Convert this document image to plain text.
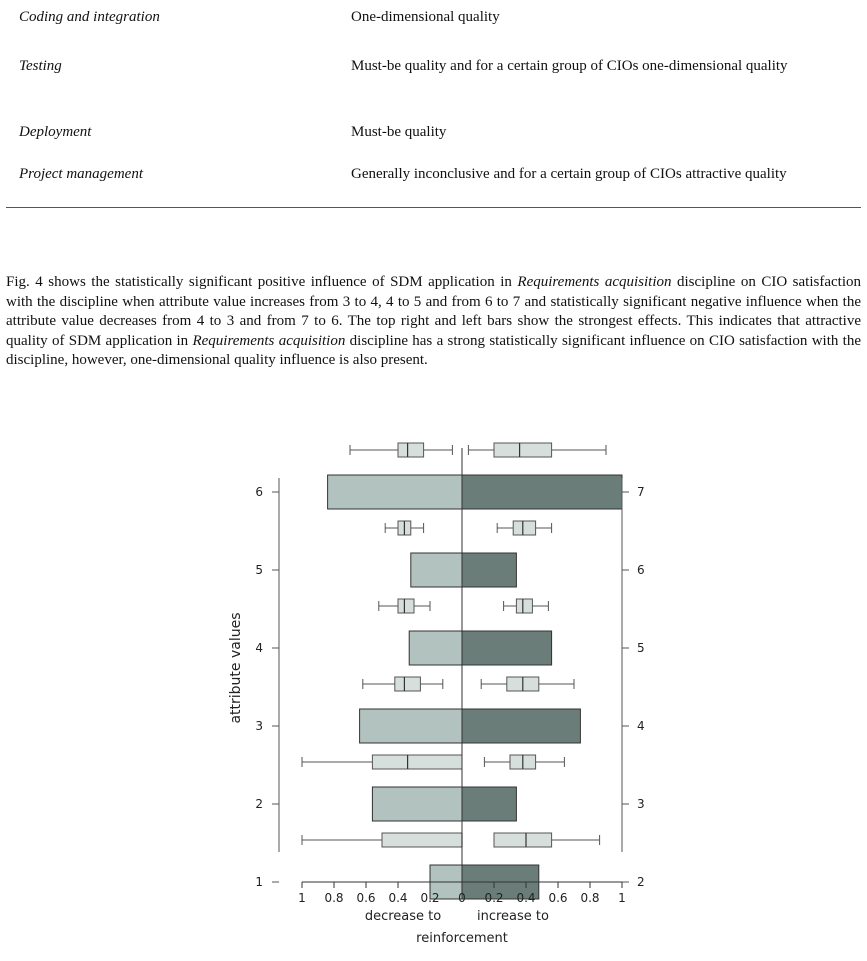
Coding and integration	One-dimensional quality
Testing	Must-be quality and for a certain group of CIOs one-dimensional quality
Deployment	Must-be quality
Project management	Generally inconclusive and for a certain group of CIOs attractive quality

Fig. 4 shows the statistically significant positive influence of SDM application in Requirements acquisition discipline on CIO satisfaction with the discipline when attribute value increases from 3 to 4, 4 to 5 and from 6 to 7 and statistically significant negative influence when the attribute value decreases from 4 to 3 and from 7 to 6. The top right and left bars show the strongest effects. This indicates that attractive quality of SDM application in Requirements acquisition discipline has a strong statistically significant influence on CIO satisfaction with the discipline, however, one-dimensional quality influence is also present.

6	7
5	6
4	5
3	4
2	3
1	2
1 0.8 0.6 0.4 0.2 0 0.2 0.4 0.6 0.8 1
attribute values
decrease to	increase to
reinforcement
